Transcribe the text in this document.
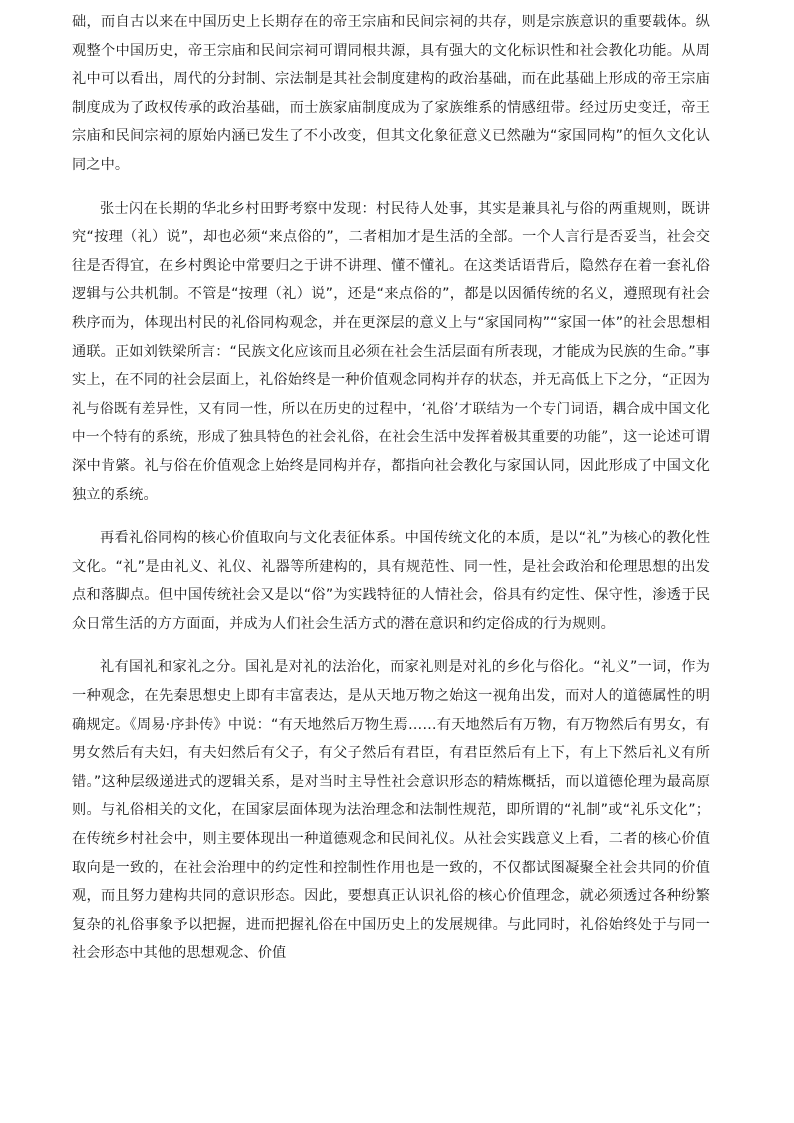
础，而自古以来在中国历史上长期存在的帝王宗庙和民间宗祠的共存，则是宗族意识的重要载体。纵观整个中国历史，帝王宗庙和民间宗祠可谓同根共源，具有强大的文化标识性和社会教化功能。从周礼中可以看出，周代的分封制、宗法制是其社会制度建构的政治基础，而在此基础上形成的帝王宗庙制度成为了政权传承的政治基础，而士族家庙制度成为了家族维系的情感纽带。经过历史变迁，帝王宗庙和民间宗祠的原始内涵已发生了不小改变，但其文化象征意义已然融为“家国同构”的恒久文化认同之中。

张士闪在长期的华北乡村田野考察中发现：村民待人处事，其实是兼具礼与俗的两重规则，既讲究“按理（礼）说”，却也必须“来点俗的”，二者相加才是生活的全部。一个人言行是否妥当，社会交往是否得宜，在乡村舆论中常要归之于讲不讲理、懂不懂礼。在这类话语背后，隐然存在着一套礼俗逻辑与公共机制。不管是“按理（礼）说”，还是“来点俗的”，都是以因循传统的名义，遵照现有社会秩序而为，体现出村民的礼俗同构观念，并在更深层的意义上与“家国同构”“家国一体”的社会思想相通联。正如刘铁梁所言：“民族文化应该而且必须在社会生活层面有所表现，才能成为民族的生命。”事实上，在不同的社会层面上，礼俗始终是一种价值观念同构并存的状态，并无高低上下之分，“正因为礼与俗既有差异性，又有同一性，所以在历史的过程中，‘礼俗’才联结为一个专门词语，耦合成中国文化中一个特有的系统，形成了独具特色的社会礼俗，在社会生活中发挥着极其重要的功能”，这一论述可谓深中肯綮。礼与俗在价值观念上始终是同构并存，都指向社会教化与家国认同，因此形成了中国文化独立的系统。

再看礼俗同构的核心价值取向与文化表征体系。中国传统文化的本质，是以“礼”为核心的教化性文化。“礼”是由礼义、礼仪、礼器等所建构的，具有规范性、同一性，是社会政治和伦理思想的出发点和落脚点。但中国传统社会又是以“俗”为实践特征的人情社会，俗具有约定性、保守性，渗透于民众日常生活的方方面面，并成为人们社会生活方式的潜在意识和约定俗成的行为规则。

礼有国礼和家礼之分。国礼是对礼的法治化，而家礼则是对礼的乡化与俗化。“礼义”一词，作为一种观念，在先秦思想史上即有丰富表达，是从天地万物之始这一视角出发，而对人的道德属性的明确规定。《周易·序卦传》中说：“有天地然后万物生焉……有天地然后有万物，有万物然后有男女，有男女然后有夫妇，有夫妇然后有父子，有父子然后有君臣，有君臣然后有上下，有上下然后礼义有所错。”这种层级递进式的逻辑关系，是对当时主导性社会意识形态的精炼概括，而以道德伦理为最高原则。与礼俗相关的文化，在国家层面体现为法治理念和法制性规范，即所谓的“礼制”或“礼乐文化”；在传统乡村社会中，则主要体现出一种道德观念和民间礼仪。从社会实践意义上看，二者的核心价值取向是一致的，在社会治理中的约定性和控制性作用也是一致的，不仅都试图凝聚全社会共同的价值观，而且努力建构共同的意识形态。因此，要想真正认识礼俗的核心价值理念，就必须透过各种纷繁复杂的礼俗事象予以把握，进而把握礼俗在中国历史上的发展规律。与此同时，礼俗始终处于与同一社会形态中其他的思想观念、价值
